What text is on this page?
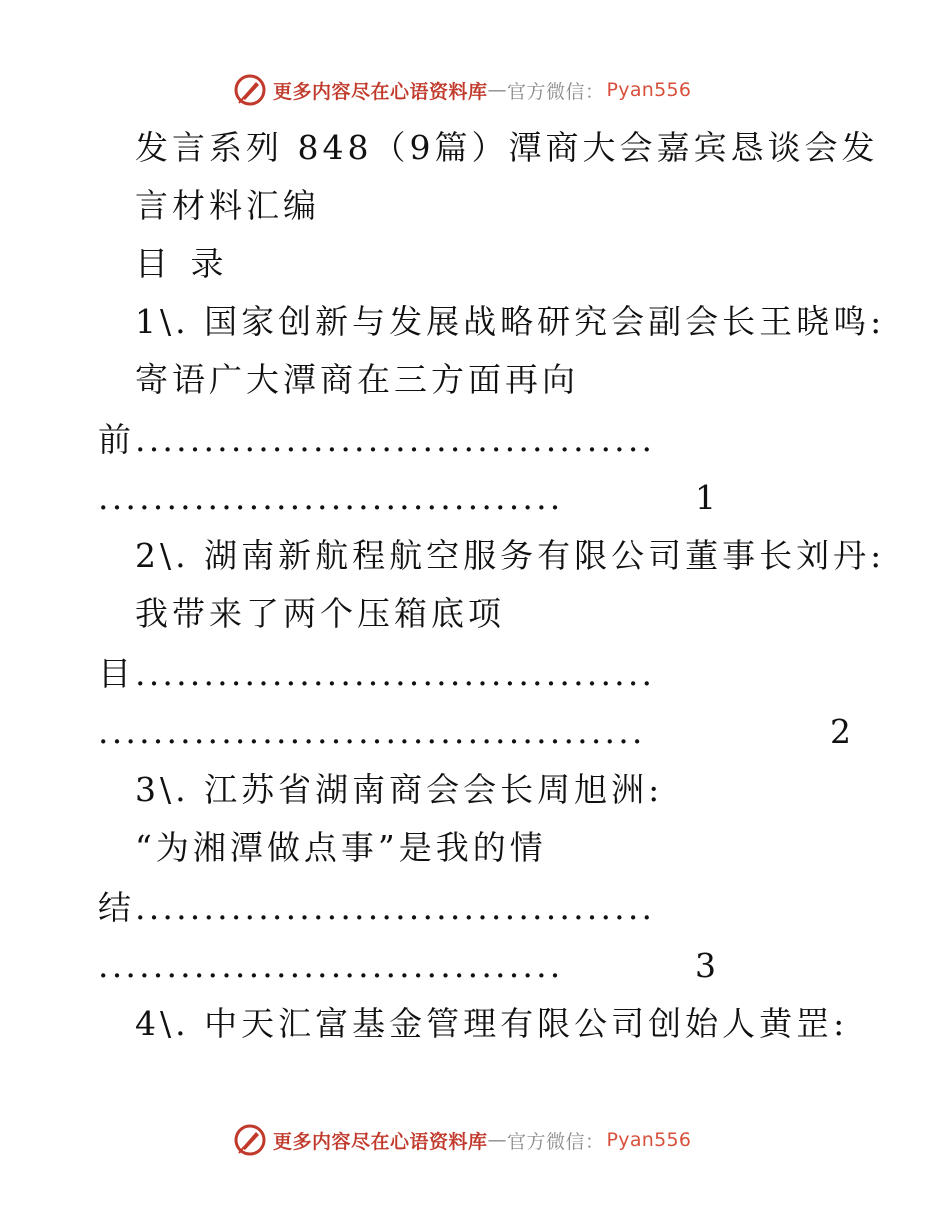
更多内容尽在心语资料库 — 官方微信： Pyan556
发言系列 848（9篇）潭商大会嘉宾恳谈会发
言材料汇编
目 录
1\. 国家创新与发展战略研究会副会长王晓鸣:
寄语广大潭商在三方面再向
前......................................
..................................	1
2\. 湖南新航程航空服务有限公司董事长刘丹:
我带来了两个压箱底项
目......................................
........................................	2
3\. 江苏省湖南商会会长周旭洲:
“为湘潭做点事”是我的情
结......................................
..................................	3
4\. 中天汇富基金管理有限公司创始人黄罡:
更多内容尽在心语资料库 — 官方微信： Pyan556
